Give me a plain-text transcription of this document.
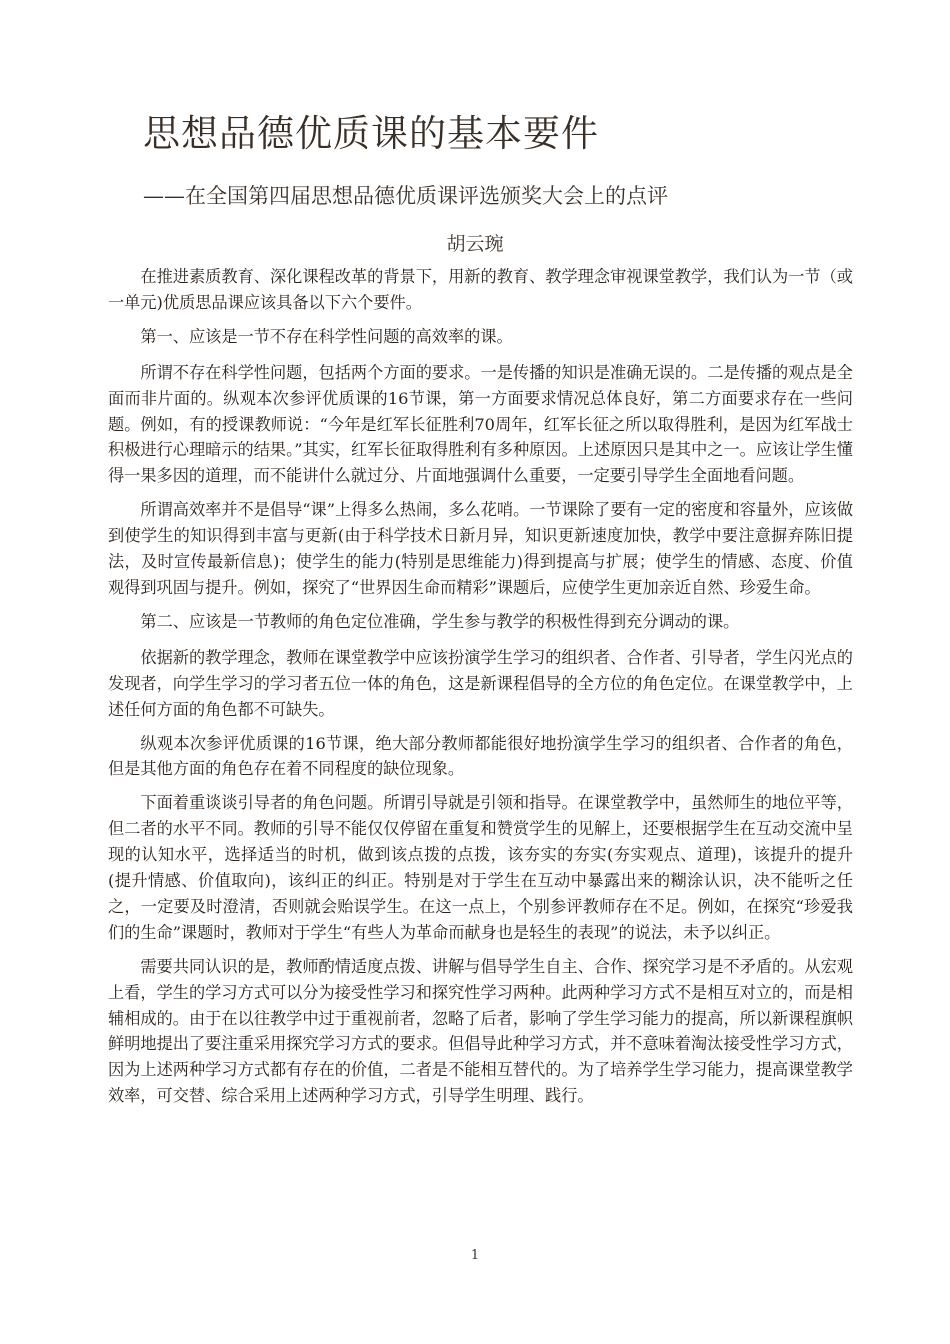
思想品德优质课的基本要件
——在全国第四届思想品德优质课评选颁奖大会上的点评
胡云琬

在推进素质教育、深化课程改革的背景下，用新的教育、教学理念审视课堂教学，我们认为一节（或一单元)优质思品课应该具备以下六个要件。

第一、应该是一节不存在科学性问题的高效率的课。

所谓不存在科学性问题，包括两个方面的要求。一是传播的知识是准确无误的。二是传播的观点是全面而非片面的。纵观本次参评优质课的16节课，第一方面要求情况总体良好，第二方面要求存在一些问题。例如，有的授课教师说：“今年是红军长征胜利70周年，红军长征之所以取得胜利，是因为红军战士积极进行心理暗示的结果。”其实，红军长征取得胜利有多种原因。上述原因只是其中之一。应该让学生懂得一果多因的道理，而不能讲什么就过分、片面地强调什么重要，一定要引导学生全面地看问题。

所谓高效率并不是倡导“课”上得多么热闹，多么花哨。一节课除了要有一定的密度和容量外，应该做到使学生的知识得到丰富与更新(由于科学技术日新月异，知识更新速度加快，教学中要注意摒弃陈旧提法，及时宣传最新信息)；使学生的能力(特别是思维能力)得到提高与扩展；使学生的情感、态度、价值观得到巩固与提升。例如，探究了“世界因生命而精彩”课题后，应使学生更加亲近自然、珍爱生命。

第二、应该是一节教师的角色定位准确，学生参与教学的积极性得到充分调动的课。

依据新的教学理念，教师在课堂教学中应该扮演学生学习的组织者、合作者、引导者，学生闪光点的发现者，向学生学习的学习者五位一体的角色，这是新课程倡导的全方位的角色定位。在课堂教学中，上述任何方面的角色都不可缺失。

纵观本次参评优质课的16节课，绝大部分教师都能很好地扮演学生学习的组织者、合作者的角色，但是其他方面的角色存在着不同程度的缺位现象。

下面着重谈谈引导者的角色问题。所谓引导就是引领和指导。在课堂教学中，虽然师生的地位平等，但二者的水平不同。教师的引导不能仅仅停留在重复和赞赏学生的见解上，还要根据学生在互动交流中呈现的认知水平，选择适当的时机，做到该点拨的点拨，该夯实的夯实(夯实观点、道理)，该提升的提升(提升情感、价值取向)，该纠正的纠正。特别是对于学生在互动中暴露出来的糊涂认识，决不能听之任之，一定要及时澄清，否则就会贻误学生。在这一点上，个别参评教师存在不足。例如，在探究“珍爱我们的生命”课题时，教师对于学生“有些人为革命而献身也是轻生的表现”的说法，未予以纠正。

需要共同认识的是，教师酌情适度点拨、讲解与倡导学生自主、合作、探究学习是不矛盾的。从宏观上看，学生的学习方式可以分为接受性学习和探究性学习两种。此两种学习方式不是相互对立的，而是相辅相成的。由于在以往教学中过于重视前者，忽略了后者，影响了学生学习能力的提高，所以新课程旗帜鲜明地提出了要注重采用探究学习方式的要求。但倡导此种学习方式，并不意味着淘汰接受性学习方式，因为上述两种学习方式都有存在的价值，二者是不能相互替代的。为了培养学生学习能力，提高课堂教学效率，可交替、综合采用上述两种学习方式，引导学生明理、践行。

1
